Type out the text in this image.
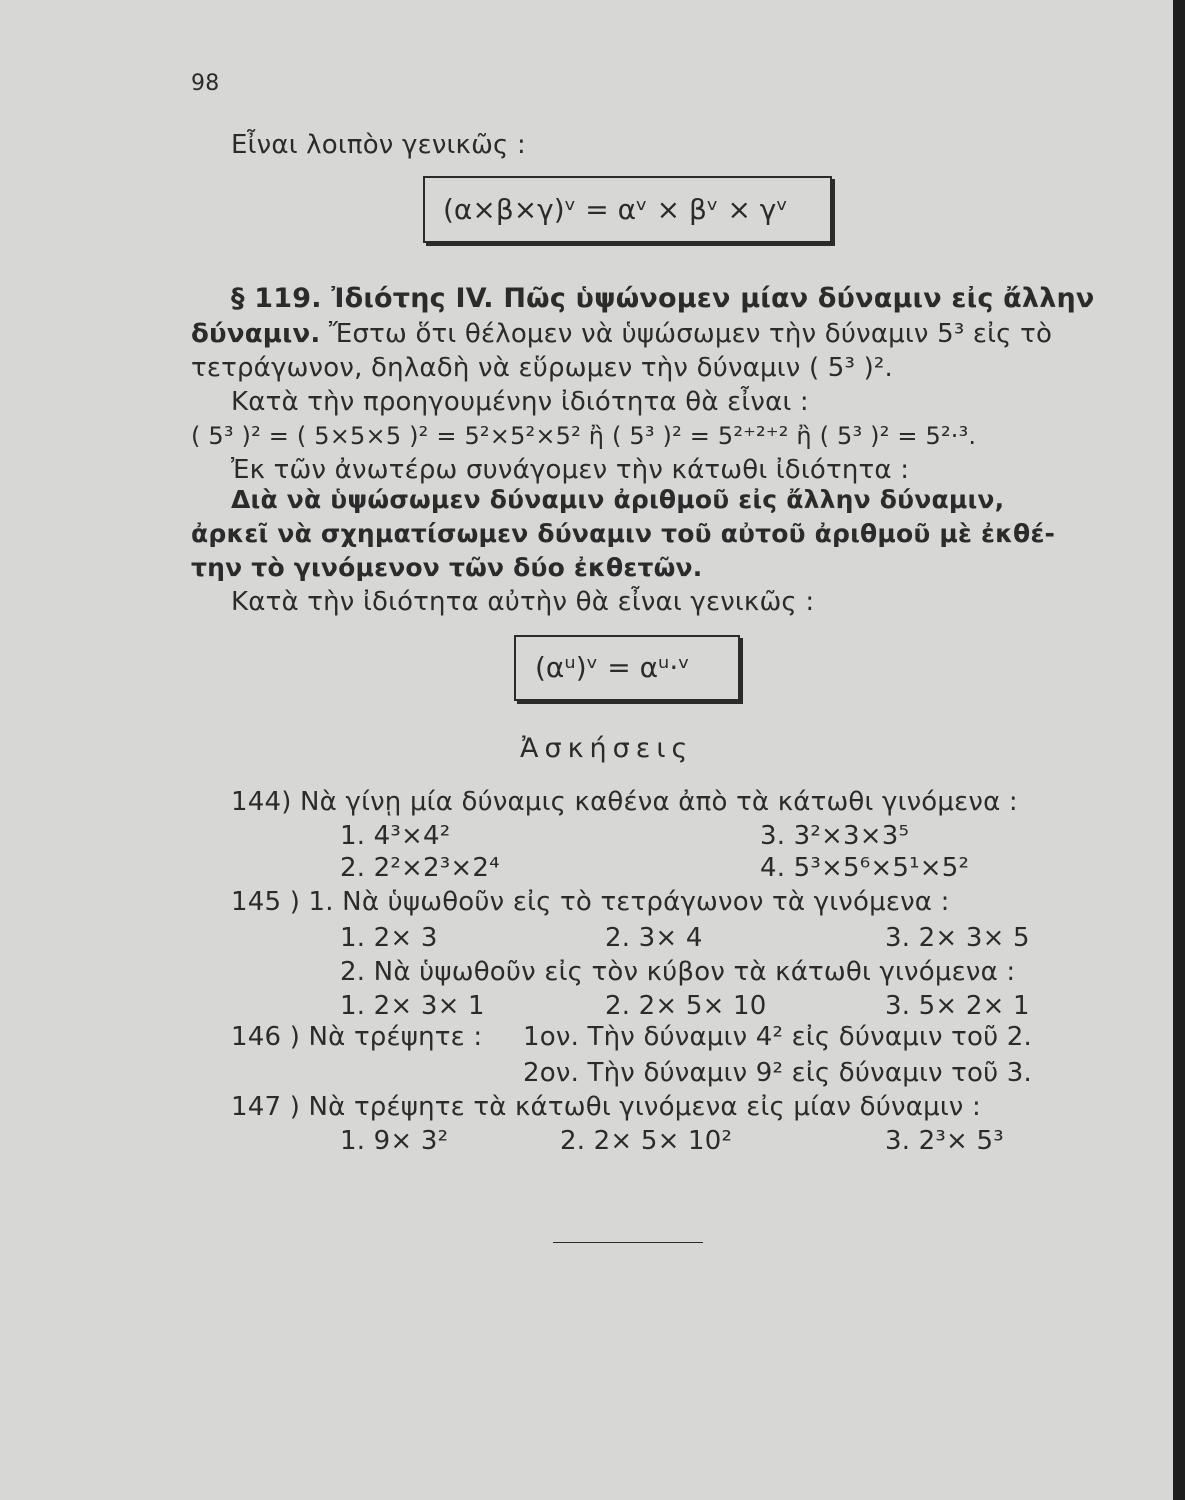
98
Εἶναι λοιπὸν γενικῶς :
(α×β×γ)ᵛ = αᵛ × βᵛ × γᵛ
§ 119. Ἰδιότης IV. Πῶς ὑψώνομεν μίαν δύναμιν εἰς ἄλλην
δύναμιν. Ἔστω ὅτι θέλομεν νὰ ὑψώσωμεν τὴν δύναμιν 5³ εἰς τὸ
τετράγωνον, δηλαδὴ νὰ εὕρωμεν τὴν δύναμιν ( 5³ )².
Κατὰ τὴν προηγουμένην ἰδιότητα θὰ εἶναι :
( 5³ )² = ( 5×5×5 )² = 5²×5²×5² ἢ ( 5³ )² = 5²⁺²⁺² ἢ ( 5³ )² = 5²·³.
Ἐκ τῶν ἀνωτέρω συνάγομεν τὴν κάτωθι ἰδιότητα :
Διὰ νὰ ὑψώσωμεν δύναμιν ἀριθμοῦ εἰς ἄλλην δύναμιν,
ἀρκεῖ νὰ σχηματίσωμεν δύναμιν τοῦ αὐτοῦ ἀριθμοῦ μὲ ἐκθέ-
την τὸ γινόμενον τῶν δύο ἐκθετῶν.
Κατὰ τὴν ἰδιότητα αὐτὴν θὰ εἶναι γενικῶς :
(αᵘ)ᵛ = αᵘ·ᵛ
Ἀσκήσεις
144) Νὰ γίνῃ μία δύναμις καθένα ἀπὸ τὰ κάτωθι γινόμενα :
1. 4³×4²	3. 3²×3×3⁵
2. 2²×2³×2⁴	4. 5³×5⁶×5¹×5²
145 ) 1. Νὰ ὑψωθοῦν εἰς τὸ τετράγωνον τὰ γινόμενα :
1. 2× 3	2. 3× 4	3. 2× 3× 5
2. Νὰ ὑψωθοῦν εἰς τὸν κύβον τὰ κάτωθι γινόμενα :
1. 2× 3× 1	2. 2× 5× 10	3. 5× 2× 1
146 ) Νὰ τρέψητε : 1ον. Τὴν δύναμιν 4² εἰς δύναμιν τοῦ 2.
2ον. Τὴν δύναμιν 9² εἰς δύναμιν τοῦ 3.
147 ) Νὰ τρέψητε τὰ κάτωθι γινόμενα εἰς μίαν δύναμιν :
1. 9× 3²	2. 2× 5× 10²	3. 2³× 5³
